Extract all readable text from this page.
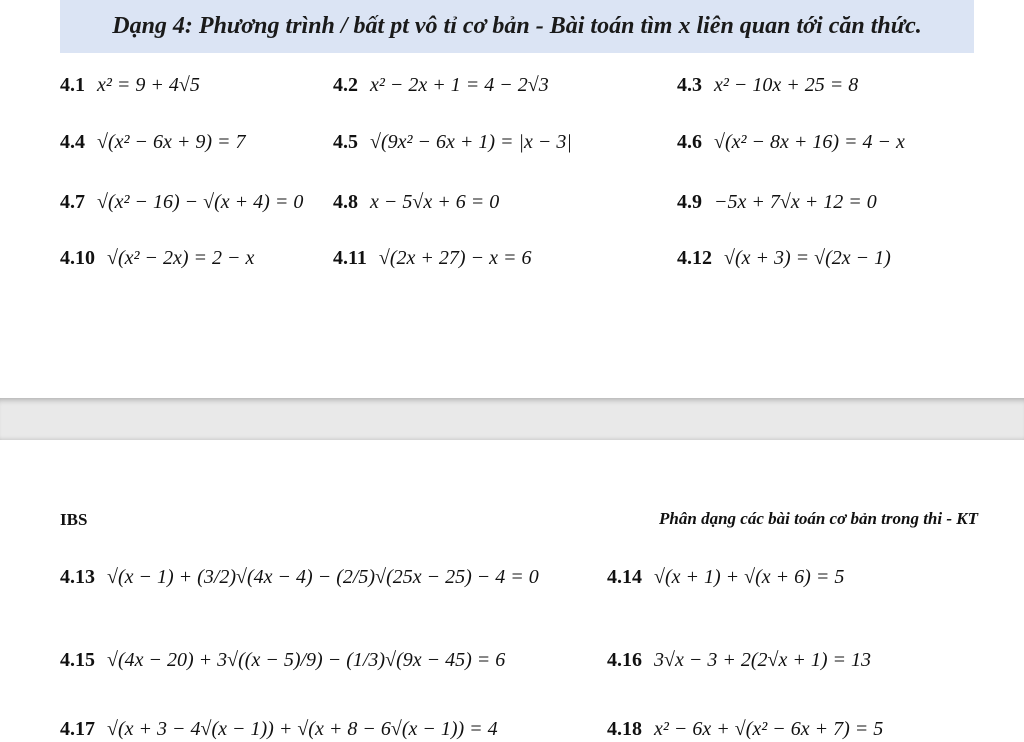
Dạng 4: Phương trình / bất pt vô tỉ cơ bản - Bài toán tìm x liên quan tới căn thức.
4.1 x² = 9 + 4√5	4.2 x² − 2x + 1 = 4 − 2√3	4.3 x² − 10x + 25 = 8
4.4 √(x² − 6x + 9) = 7	4.5 √(9x² − 6x + 1) = |x − 3|	4.6 √(x² − 8x + 16) = 4 − x
4.7 √(x² − 16) − √(x + 4) = 0 4.8 x − 5√x + 6 = 0	4.9 −5x + 7√x + 12 = 0
4.10 √(x² − 2x) = 2 − x	4.11 √(2x + 27) − x = 6	4.12 √(x + 3) = √(2x − 1)
IBS	Phân dạng các bài toán cơ bản trong thi - KT
4.13 √(x − 1) + (3/2)√(4x − 4) − (2/5)√(25x − 25) − 4 = 0	4.14 √(x + 1) + √(x + 6) = 5
4.15 √(4x − 20) + 3√((x − 5)/9) − (1/3)√(9x − 45) = 6	4.16 3√x − 3 + 2(2√x + 1) = 13
4.17 √(x + 3 − 4√(x − 1)) + √(x + 8 − 6√(x − 1)) = 4	4.18 x² − 6x + √(x² − 6x + 7) = 5
